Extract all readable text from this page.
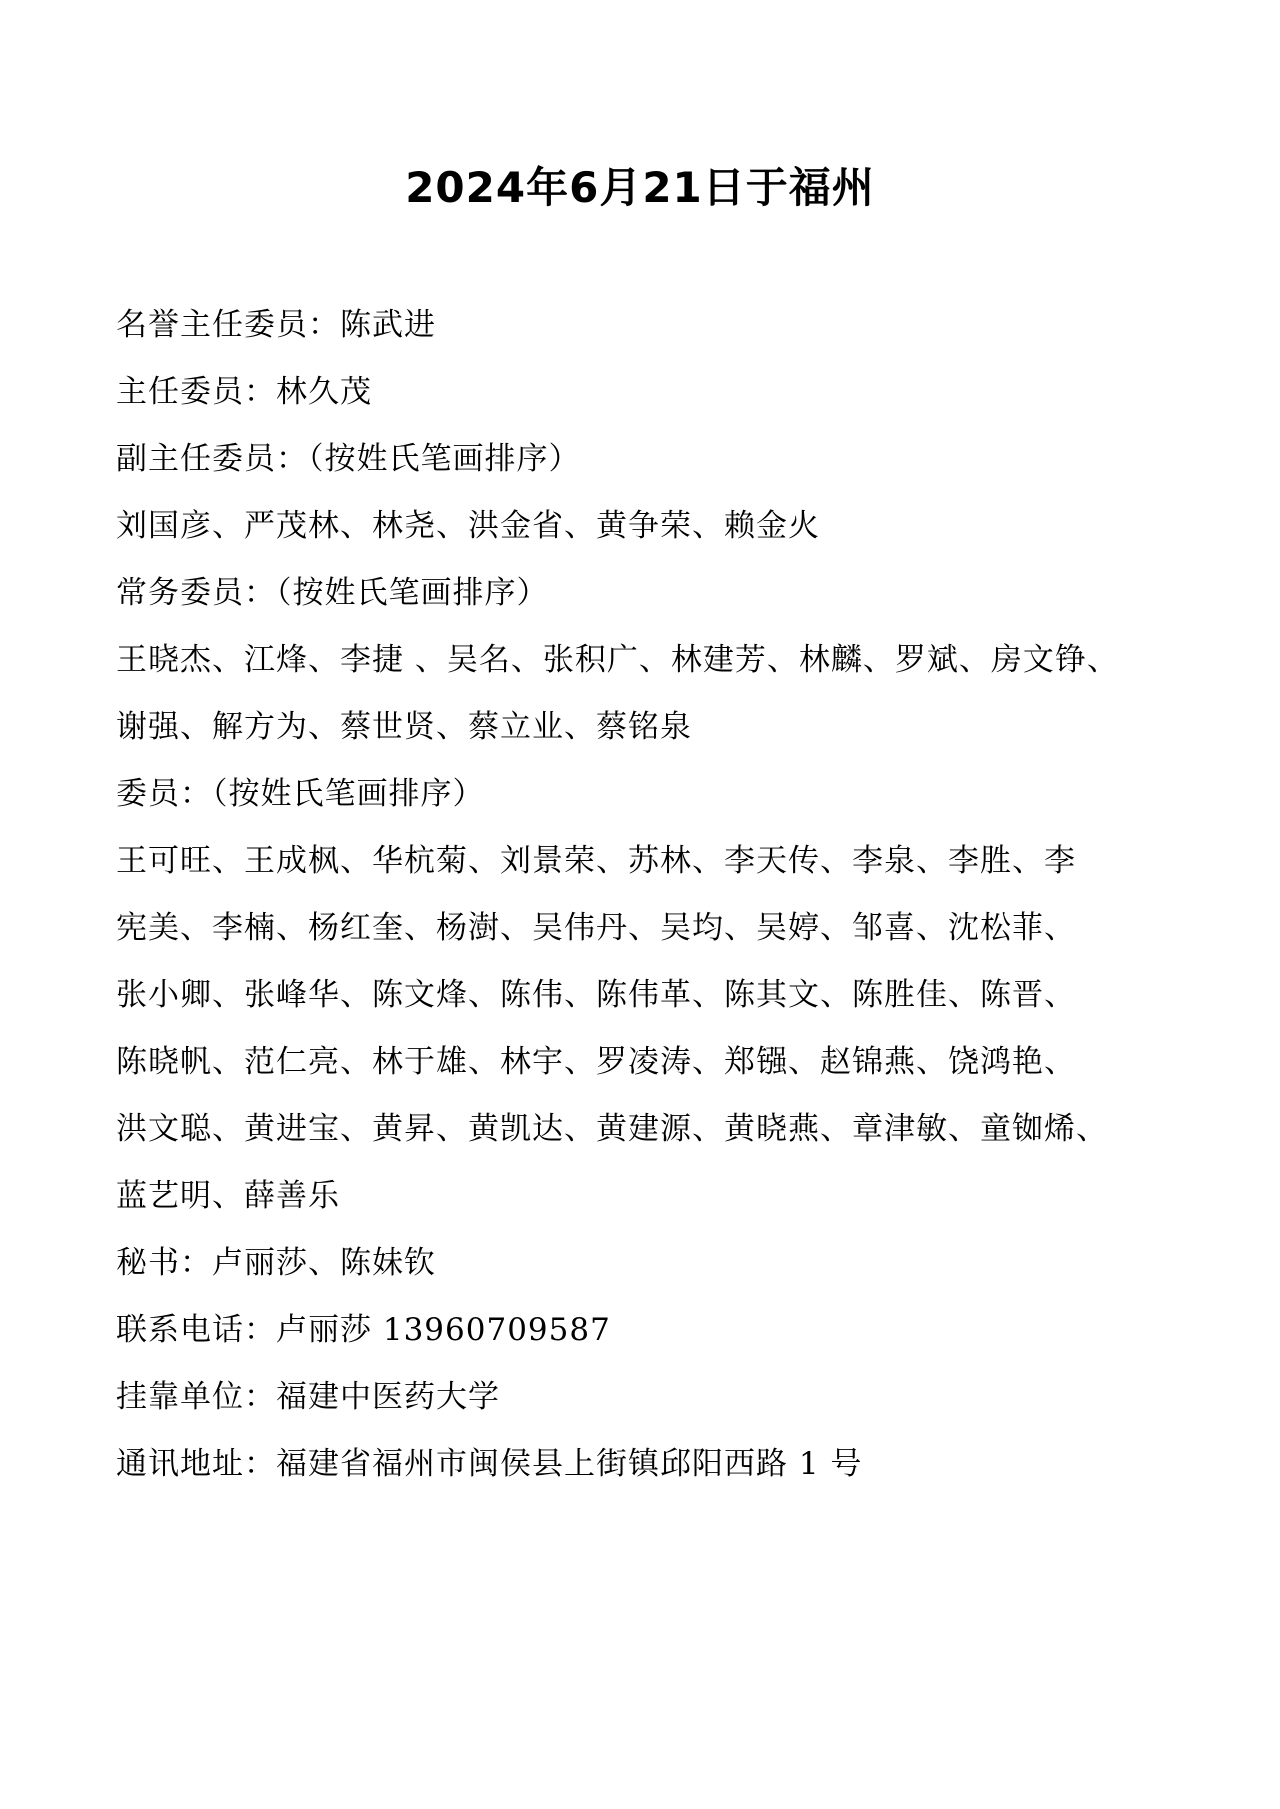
2024年6月21日于福州
名誉主任委员：陈武进
主任委员：林久茂
副主任委员：（按姓氏笔画排序）
刘国彦、严茂林、林尧、洪金省、黄争荣、赖金火
常务委员：（按姓氏笔画排序）
王晓杰、江烽、李捷 、吴名、张积广、林建芳、林麟、罗斌、房文铮、
谢强、解方为、蔡世贤、蔡立业、蔡铭泉
委员：（按姓氏笔画排序）
王可旺、王成枫、华杭菊、刘景荣、苏林、李天传、李泉、李胜、李
宪美、李楠、杨红奎、杨澍、吴伟丹、吴均、吴婷、邹喜、沈松菲、
张小卿、张峰华、陈文烽、陈伟、陈伟革、陈其文、陈胜佳、陈晋、
陈晓帆、范仁亮、林于雄、林宇、罗凌涛、郑镪、赵锦燕、饶鸿艳、
洪文聪、黄进宝、黄昇、黄凯达、黄建源、黄晓燕、章津敏、童铷烯、
蓝艺明、薛善乐
秘书：卢丽莎、陈妹钦
联系电话：卢丽莎 13960709587
挂靠单位：福建中医药大学
通讯地址：福建省福州市闽侯县上街镇邱阳西路 1 号
